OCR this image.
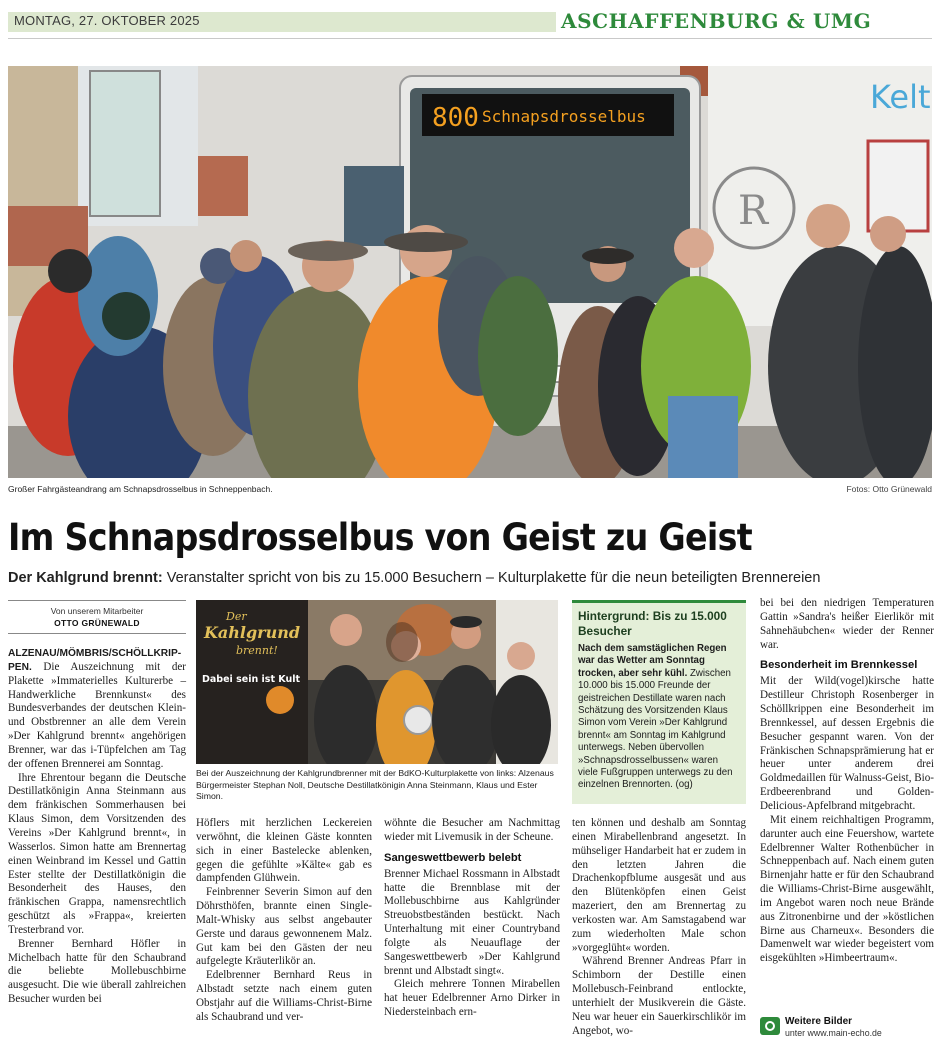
MONTAG, 27. OKTOBER 2025	ASCHAFFENBURG & UMG
Kelt
R
800 Schnapsdrosselbus
Großer Fahrgästeandrang am Schnapsdrosselbus in Schneppenbach.	Fotos: Otto Grünewald
Im Schnapsdrosselbus von Geist zu Geist
Der Kahlgrund brennt: Veranstalter spricht von bis zu 15.000 Besuchern – Kulturplakette für die neun beteiligten Brennereien
Von unserem Mitarbeiter
OTTO GRÜNEWALD

ALZENAU/MÖMBRIS/SCHÖLLKRIP-PEN. Die Auszeichnung mit der Plakette »Immaterielles Kulturerbe – Handwerkliche Brennkunst« des Bundesverbandes der deutschen Klein- und Obstbrenner an alle dem Verein »Der Kahlgrund brennt« angehörigen Brenner, war das i-Tüpfelchen am Tag der offenen Brennerei am Sonntag.

Ihre Ehrentour begann die Deutsche Destillatkönigin Anna Steinmann aus dem fränkischen Sommerhausen bei Klaus Simon, dem Vorsitzenden des Vereins »Der Kahlgrund brennt«, in Wasserlos. Simon hatte am Brennertag einen Weinbrand im Kessel und Gattin Ester stellte der Destillatkönigin die Besonderheit des Hauses, den fränkischen Grappa, namensrechtlich geschützt als »Frappa«, kreierten Tresterbrand vor.

Brenner Bernhard Höfler in Michelbach hatte für den Schaubrand die beliebte Mollebuschbirne ausgesucht. Die wie überall zahlreichen Besucher wurden bei

Der
Kahlgrund
brennt!
Dabei sein ist Kult
Bei der Auszeichnung der Kahlgrundbrenner mit der BdKO-Kulturplakette von links: Alzenaus Bürgermeister Stephan Noll, Deutsche Destillatkönigin Anna Steinmann, Klaus und Ester Simon.

Höflers mit herzlichen Leckereien verwöhnt, die kleinen Gäste konnten sich in einer Bastelecke ablenken, gegen die gefühlte »Kälte« gab es dampfenden Glühwein.

Feinbrenner Severin Simon auf den Döhrsthöfen, brannte einen Single-Malt-Whisky aus selbst angebauter Gerste und daraus gewonnenem Malz. Gut kam bei den Gästen der neu aufgelegte Kräuterlikör an.

Edelbrenner Bernhard Reus in Albstadt setzte nach einem guten Obstjahr auf die Williams-Christ-Birne als Schaubrand und ver-

wöhnte die Besucher am Nachmittag wieder mit Livemusik in der Scheune.

Sangeswettbewerb belebt

Brenner Michael Rossmann in Albstadt hatte die Brennblase mit der Mollebuschbirne aus Kahlgründer Streuobstbeständen bestückt. Nach Unterhaltung mit einer Countryband folgte als Neuauflage der Sangeswettbewerb »Der Kahlgrund brennt und Albstadt singt«.

Gleich mehrere Tonnen Mirabellen hat heuer Edelbrenner Arno Dirker in Niedersteinbach ern-

Hintergrund: Bis zu 15.000 Besucher
Nach dem samstäglichen Regen war das Wetter am Sonntag trocken, aber sehr kühl. Zwischen 10.000 bis 15.000 Freunde der geistreichen Destillate waren nach Schätzung des Vorsitzenden Klaus Simon vom Verein »Der Kahlgrund brennt« am Sonntag im Kahlgrund unterwegs. Neben übervollen »Schnapsdrosselbussen« waren viele Fußgruppen unterwegs zu den einzelnen Brennorten. (og)

ten können und deshalb am Sonntag einen Mirabellenbrand angesetzt. In mühseliger Handarbeit hat er zudem in den letzten Jahren die Drachenkopfblume ausgesät und aus den Blütenköpfen einen Geist mazeriert, den am Brennertag zu verkosten war. Am Samstagabend war zum wiederholten Male schon »vorgeglüht« worden.

Während Brenner Andreas Pfarr in Schimborn der Destille einen Mollebusch-Feinbrand entlockte, unterhielt der Musikverein die Gäste. Neu war heuer ein Sauerkirschlikör im Angebot, wo-

bei bei den niedrigen Temperaturen Gattin »Sandra's heißer Eierlikör mit Sahnehäubchen« wieder der Renner war.

Besonderheit im Brennkessel

Mit der Wild(vogel)kirsche hatte Destilleur Christoph Rosenberger in Schöllkrippen eine Besonderheit im Brennkessel, auf dessen Ergebnis die Besucher gespannt waren. Von der Fränkischen Schnapsprämierung hat er heuer unter anderem drei Goldmedaillen für Walnuss-Geist, Bio-Erdbeerenbrand und Golden-Delicious-Apfelbrand mitgebracht.

Mit einem reichhaltigen Programm, darunter auch eine Feuershow, wartete Edelbrenner Walter Rothenbücher in Schneppenbach auf. Nach einem guten Birnenjahr hatte er für den Schaubrand die Williams-Christ-Birne ausgewählt, im Angebot waren noch neue Brände aus Zitronenbirne und der »köstlichen Birne aus Charneux«. Besonders die Damenwelt war wieder begeistert vom eisgekühlten »Himbeertraum«.

Weitere Bilder
unter www.main-echo.de
